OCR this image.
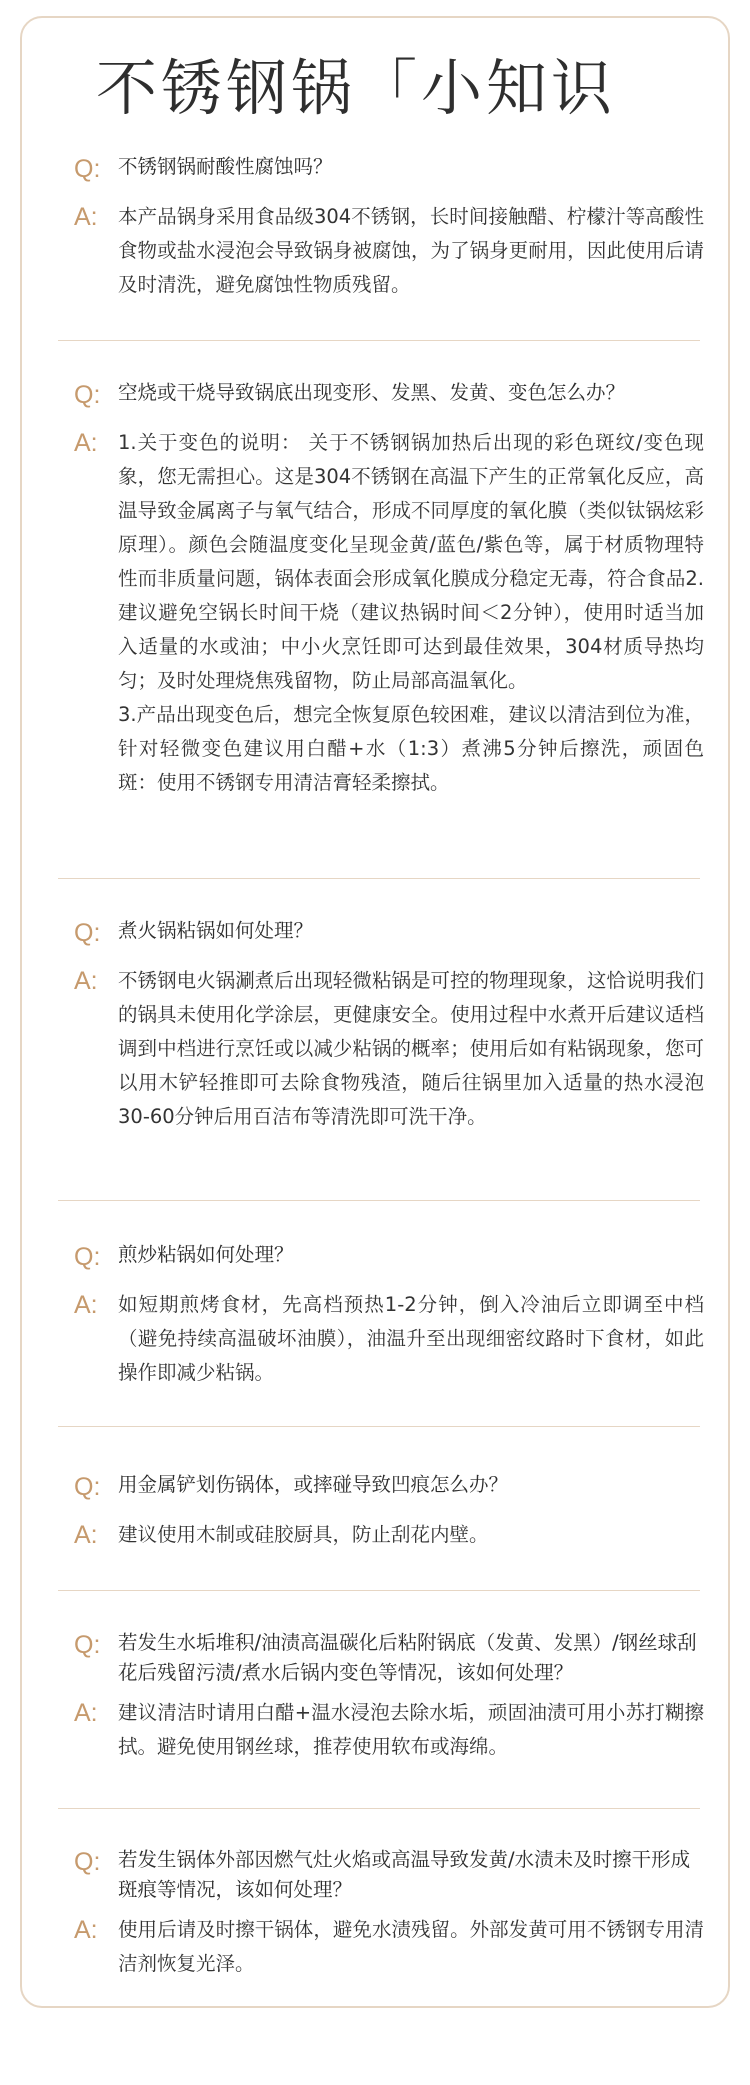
不锈钢锅「小知识
Q: 不锈钢锅耐酸性腐蚀吗？
A: 本产品锅身采用食品级304不锈钢，长时间接触醋、柠檬汁等高酸性食物或盐水浸泡会导致锅身被腐蚀，为了锅身更耐用，因此使用后请及时清洗，避免腐蚀性物质残留。
Q: 空烧或干烧导致锅底出现变形、发黑、发黄、变色怎么办？
A: 1.关于变色的说明： 关于不锈钢锅加热后出现的彩色斑纹/变色现象，您无需担心。这是304不锈钢在高温下产生的正常氧化反应，高温导致金属离子与氧气结合，形成不同厚度的氧化膜（类似钛锅炫彩原理）。颜色会随温度变化呈现金黄/蓝色/紫色等，属于材质物理特性而非质量问题，锅体表面会形成氧化膜成分稳定无毒，符合食品2.建议避免空锅长时间干烧（建议热锅时间＜2分钟），使用时适当加入适量的水或油；中小火烹饪即可达到最佳效果，304材质导热均匀；及时处理烧焦残留物，防止局部高温氧化。
3.产品出现变色后，想完全恢复原色较困难，建议以清洁到位为准，针对轻微变色建议用白醋+水（1:3）煮沸5分钟后擦洗，顽固色斑：使用不锈钢专用清洁膏轻柔擦拭。
Q: 煮火锅粘锅如何处理？
A: 不锈钢电火锅涮煮后出现轻微粘锅是可控的物理现象，这恰说明我们的锅具未使用化学涂层，更健康安全。使用过程中水煮开后建议适档调到中档进行烹饪或以减少粘锅的概率；使用后如有粘锅现象，您可以用木铲轻推即可去除食物残渣，随后往锅里加入适量的热水浸泡30-60分钟后用百洁布等清洗即可洗干净。
Q: 煎炒粘锅如何处理？
A: 如短期煎烤食材，先高档预热1-2分钟，倒入冷油后立即调至中档（避免持续高温破坏油膜），油温升至出现细密纹路时下食材，如此操作即减少粘锅。
Q: 用金属铲划伤锅体，或摔碰导致凹痕怎么办？
A: 建议使用木制或硅胶厨具，防止刮花内壁。
Q: 若发生水垢堆积/油渍高温碳化后粘附锅底（发黄、发黑）/钢丝球刮花后残留污渍/煮水后锅内变色等情况，该如何处理？
A: 建议清洁时请用白醋+温水浸泡去除水垢，顽固油渍可用小苏打糊擦拭。避免使用钢丝球，推荐使用软布或海绵。
Q: 若发生锅体外部因燃气灶火焰或高温导致发黄/水渍未及时擦干形成斑痕等情况，该如何处理？
A: 使用后请及时擦干锅体，避免水渍残留。外部发黄可用不锈钢专用清洁剂恢复光泽。
